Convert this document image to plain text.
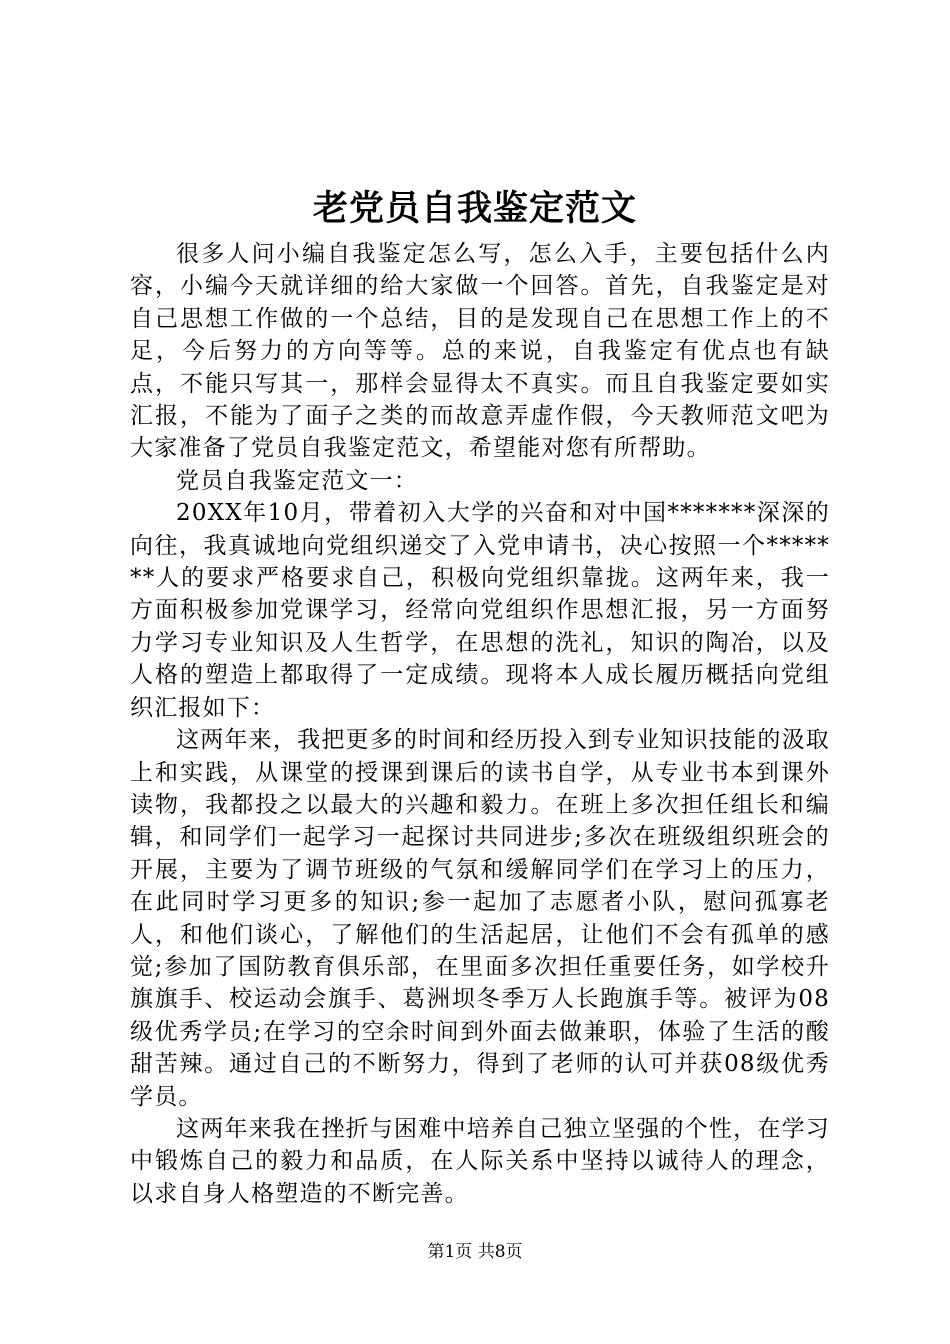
老党员自我鉴定范文

很多人问小编自我鉴定怎么写，怎么入手，主要包括什么内容，小编今天就详细的给大家做一个回答。首先，自我鉴定是对自己思想工作做的一个总结，目的是发现自己在思想工作上的不足，今后努力的方向等等。总的来说，自我鉴定有优点也有缺点，不能只写其一，那样会显得太不真实。而且自我鉴定要如实汇报，不能为了面子之类的而故意弄虚作假，今天教师范文吧为大家准备了党员自我鉴定范文，希望能对您有所帮助。

党员自我鉴定范文一：

20XX年10月，带着初入大学的兴奋和对中国*******深深的向往，我真诚地向党组织递交了入党申请书，决心按照一个*******人的要求严格要求自己，积极向党组织靠拢。这两年来，我一方面积极参加党课学习，经常向党组织作思想汇报，另一方面努力学习专业知识及人生哲学，在思想的洗礼，知识的陶冶，以及人格的塑造上都取得了一定成绩。现将本人成长履历概括向党组织汇报如下：

这两年来，我把更多的时间和经历投入到专业知识技能的汲取上和实践，从课堂的授课到课后的读书自学，从专业书本到课外读物，我都投之以最大的兴趣和毅力。在班上多次担任组长和编辑，和同学们一起学习一起探讨共同进步;多次在班级组织班会的开展，主要为了调节班级的气氛和缓解同学们在学习上的压力，在此同时学习更多的知识;参一起加了志愿者小队，慰问孤寡老人，和他们谈心，了解他们的生活起居，让他们不会有孤单的感觉;参加了国防教育俱乐部，在里面多次担任重要任务，如学校升旗旗手、校运动会旗手、葛洲坝冬季万人长跑旗手等。被评为08级优秀学员;在学习的空余时间到外面去做兼职，体验了生活的酸甜苦辣。通过自己的不断努力，得到了老师的认可并获08级优秀学员。

这两年来我在挫折与困难中培养自己独立坚强的个性，在学习中锻炼自己的毅力和品质，在人际关系中坚持以诚待人的理念，以求自身人格塑造的不断完善。

第1页 共8页
